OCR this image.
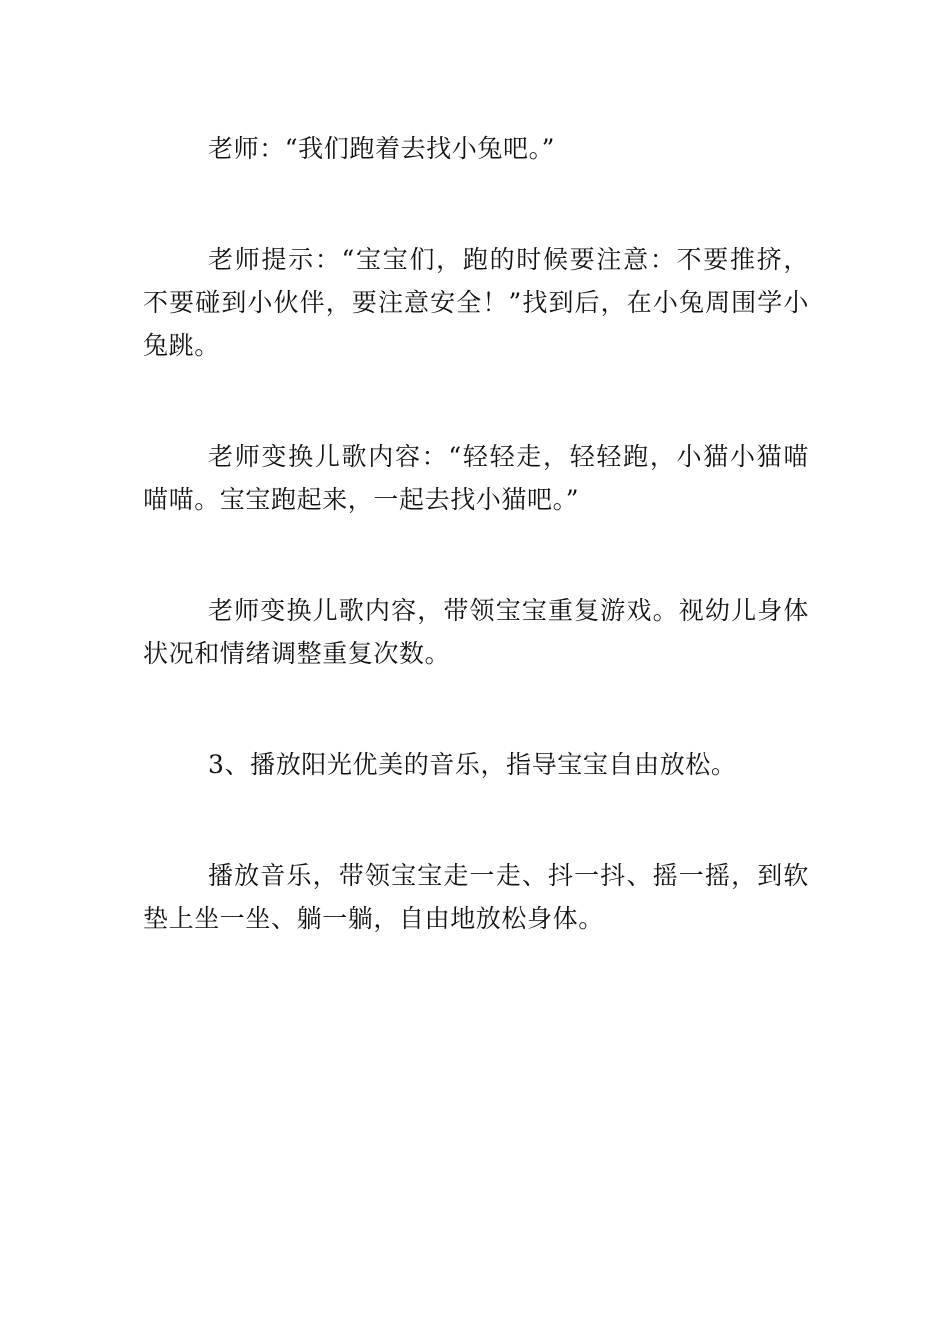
老师：“我们跑着去找小兔吧。”

老师提示：“宝宝们，跑的时候要注意：不要推挤，不要碰到小伙伴，要注意安全！”找到后，在小兔周围学小兔跳。

老师变换儿歌内容：“轻轻走，轻轻跑，小猫小猫喵喵喵。宝宝跑起来，一起去找小猫吧。”

老师变换儿歌内容，带领宝宝重复游戏。视幼儿身体状况和情绪调整重复次数。

3、播放阳光优美的音乐，指导宝宝自由放松。

播放音乐，带领宝宝走一走、抖一抖、摇一摇，到软垫上坐一坐、躺一躺，自由地放松身体。
